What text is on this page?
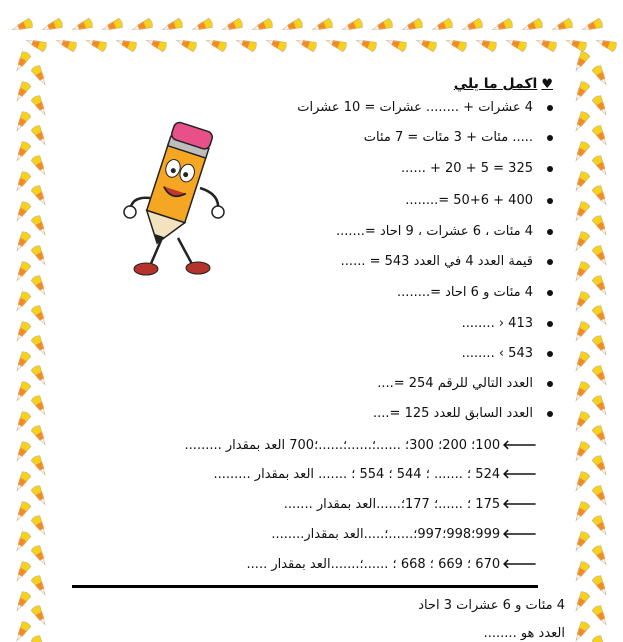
♥اكمل ما يلي
4 عشرات + ........ عشرات = 10 عشرات
..... مئات + 3 مئات = 7 مئات
325 = 5 + 20 + ......
400 + 50+6 =........
4 مئات ، 6 عشرات ، 9 احاد =.......
قيمة العدد 4 في العدد 543 = ......
4 مئات و 6 احاد =........
413 ‹ ........
543 › ........
العدد التالي للرقم 254 =....
العدد السابق للعدد 125 =....
🡐100؛ 200؛ 300؛ ......؛......؛......؛700 العد بمقدار .........
🡐524 ؛ ....... ؛ 544 ؛ 554 ؛ ....... العد بمقدار .........
🡐175 ؛ ......؛ 177؛......العد بمقدار .......
🡐999؛998؛997؛......؛.....العد بمقدار........
🡐670 ؛ 669 ؛ 668 ؛ ......؛.......العد بمقدار .....
4 مئات و 6 عشرات 3 احاد
العدد هو ........
